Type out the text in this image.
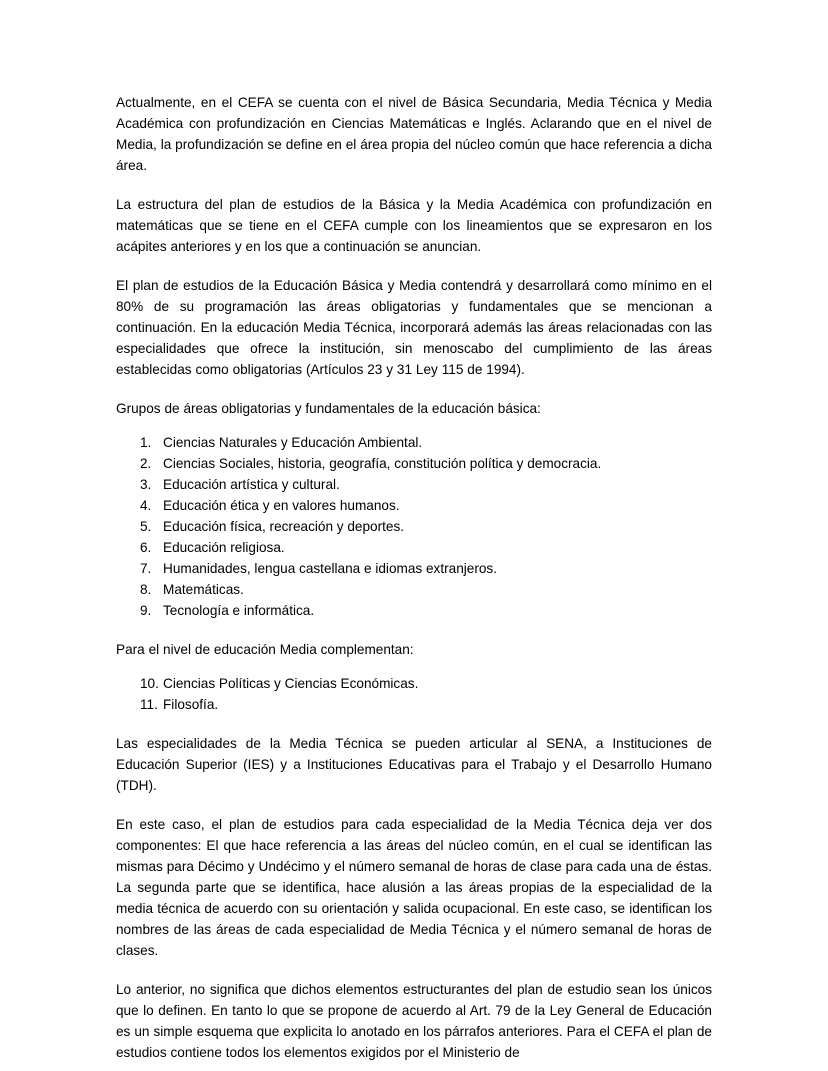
Actualmente, en el CEFA se cuenta con el nivel de Básica Secundaria, Media Técnica y Media Académica con profundización en Ciencias Matemáticas e Inglés. Aclarando que en el nivel de Media, la profundización se define en el área propia del núcleo común que hace referencia a dicha área.

La estructura del plan de estudios de la Básica y la Media Académica con profundización en matemáticas que se tiene en el CEFA cumple con los lineamientos que se expresaron en los acápites anteriores y en los que a continuación se anuncian.

El plan de estudios de la Educación Básica y Media contendrá y desarrollará como mínimo en el 80% de su programación las áreas obligatorias y fundamentales que se mencionan a continuación. En la educación Media Técnica, incorporará además las áreas relacionadas con las especialidades que ofrece la institución, sin menoscabo del cumplimiento de las áreas establecidas como obligatorias (Artículos 23 y 31 Ley 115 de 1994).

Grupos de áreas obligatorias y fundamentales de la educación básica:

1. Ciencias Naturales y Educación Ambiental.
2. Ciencias Sociales, historia, geografía, constitución política y democracia.
3. Educación artística y cultural.
4. Educación ética y en valores humanos.
5. Educación física, recreación y deportes.
6. Educación religiosa.
7. Humanidades, lengua castellana e idiomas extranjeros.
8. Matemáticas.
9. Tecnología e informática.

Para el nivel de educación Media complementan:

10. Ciencias Políticas y Ciencias Económicas.
11. Filosofía.

Las especialidades de la Media Técnica se pueden articular al SENA, a Instituciones de Educación Superior (IES) y a Instituciones Educativas para el Trabajo y el Desarrollo Humano (TDH).

En este caso, el plan de estudios para cada especialidad de la Media Técnica deja ver dos componentes: El que hace referencia a las áreas del núcleo común, en el cual se identifican las mismas para Décimo y Undécimo y el número semanal de horas de clase para cada una de éstas. La segunda parte que se identifica, hace alusión a las áreas propias de la especialidad de la media técnica de acuerdo con su orientación y salida ocupacional. En este caso, se identifican los nombres de las áreas de cada especialidad de Media Técnica y el número semanal de horas de clases.

Lo anterior, no significa que dichos elementos estructurantes del plan de estudio sean los únicos que lo definen. En tanto lo que se propone de acuerdo al Art. 79 de la Ley General de Educación es un simple esquema que explicita lo anotado en los párrafos anteriores. Para el CEFA el plan de estudios contiene todos los elementos exigidos por el Ministerio de
